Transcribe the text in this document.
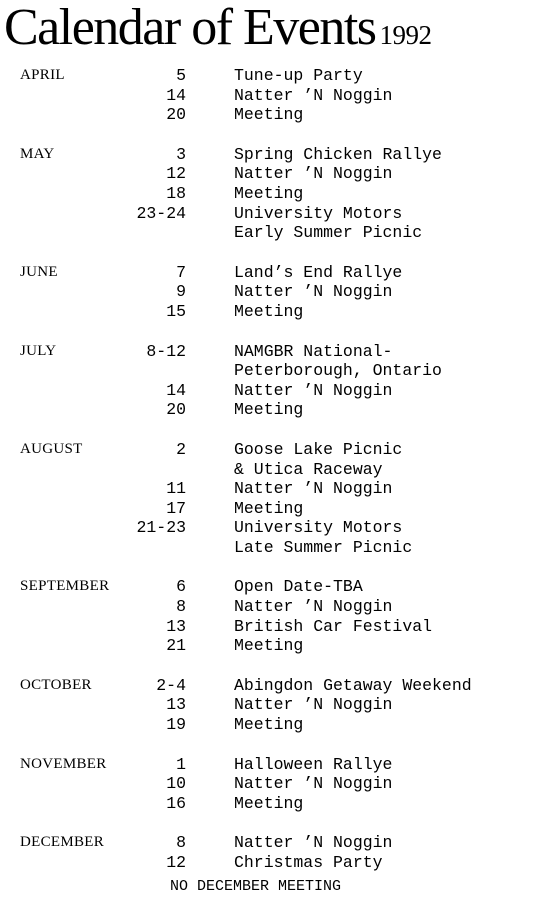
Calendar of Events 1992
APRIL	5	Tune-up Party
14	Natter ’N Noggin
20	Meeting
MAY	3	Spring Chicken Rallye
12	Natter ’N Noggin
18	Meeting
23-24	University Motors
Early Summer Picnic
JUNE	7	Land’s End Rallye
9	Natter ’N Noggin
15	Meeting
JULY	8-12	NAMGBR National-
Peterborough, Ontario
14	Natter ’N Noggin
20	Meeting
AUGUST	2	Goose Lake Picnic
& Utica Raceway
11	Natter ’N Noggin
17	Meeting
21-23	University Motors
Late Summer Picnic
SEPTEMBER	6	Open Date-TBA
8	Natter ’N Noggin
13	British Car Festival
21	Meeting
OCTOBER	2-4	Abingdon Getaway Weekend
13	Natter ’N Noggin
19	Meeting
NOVEMBER	1	Halloween Rallye
10	Natter ’N Noggin
16	Meeting
DECEMBER	8	Natter ’N Noggin
12	Christmas Party
NO DECEMBER MEETING
